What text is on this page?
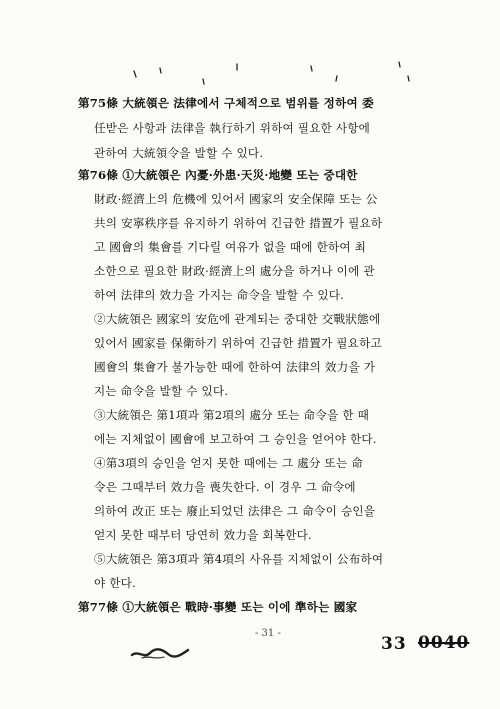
第75條 大統領은 法律에서 구체적으로 범위를 정하여 委
任받은 사항과 法律을 執行하기 위하여 필요한 사항에
관하여 大統領令을 발할 수 있다.
第76條 ①大統領은 內憂·外患·天災·地變 또는 중대한
財政·經濟上의 危機에 있어서 國家의 安全保障 또는 公
共의 安寧秩序를 유지하기 위하여 긴급한 措置가 필요하
고 國會의 集會를 기다릴 여유가 없을 때에 한하여 최
소한으로 필요한 財政·經濟上의 處分을 하거나 이에 관
하여 法律의 效力을 가지는 命令을 발할 수 있다.
②大統領은 國家의 安危에 관계되는 중대한 交戰狀態에
있어서 國家를 保衛하기 위하여 긴급한 措置가 필요하고
國會의 集會가 불가능한 때에 한하여 法律의 效力을 가
지는 命令을 발할 수 있다.
③大統領은 第1項과 第2項의 處分 또는 命令을 한 때
에는 지체없이 國會에 보고하여 그 승인을 얻어야 한다.
④第3項의 승인을 얻지 못한 때에는 그 處分 또는 命
令은 그때부터 效力을 喪失한다. 이 경우 그 命令에
의하여 改正 또는 廢止되었던 法律은 그 命令이 승인을
얻지 못한 때부터 당연히 效力을 회복한다.
⑤大統領은 第3項과 第4項의 사유를 지체없이 公布하여
야 한다.
第77條 ①大統領은 戰時·事變 또는 이에 準하는 國家
- 31 -
33 0040
